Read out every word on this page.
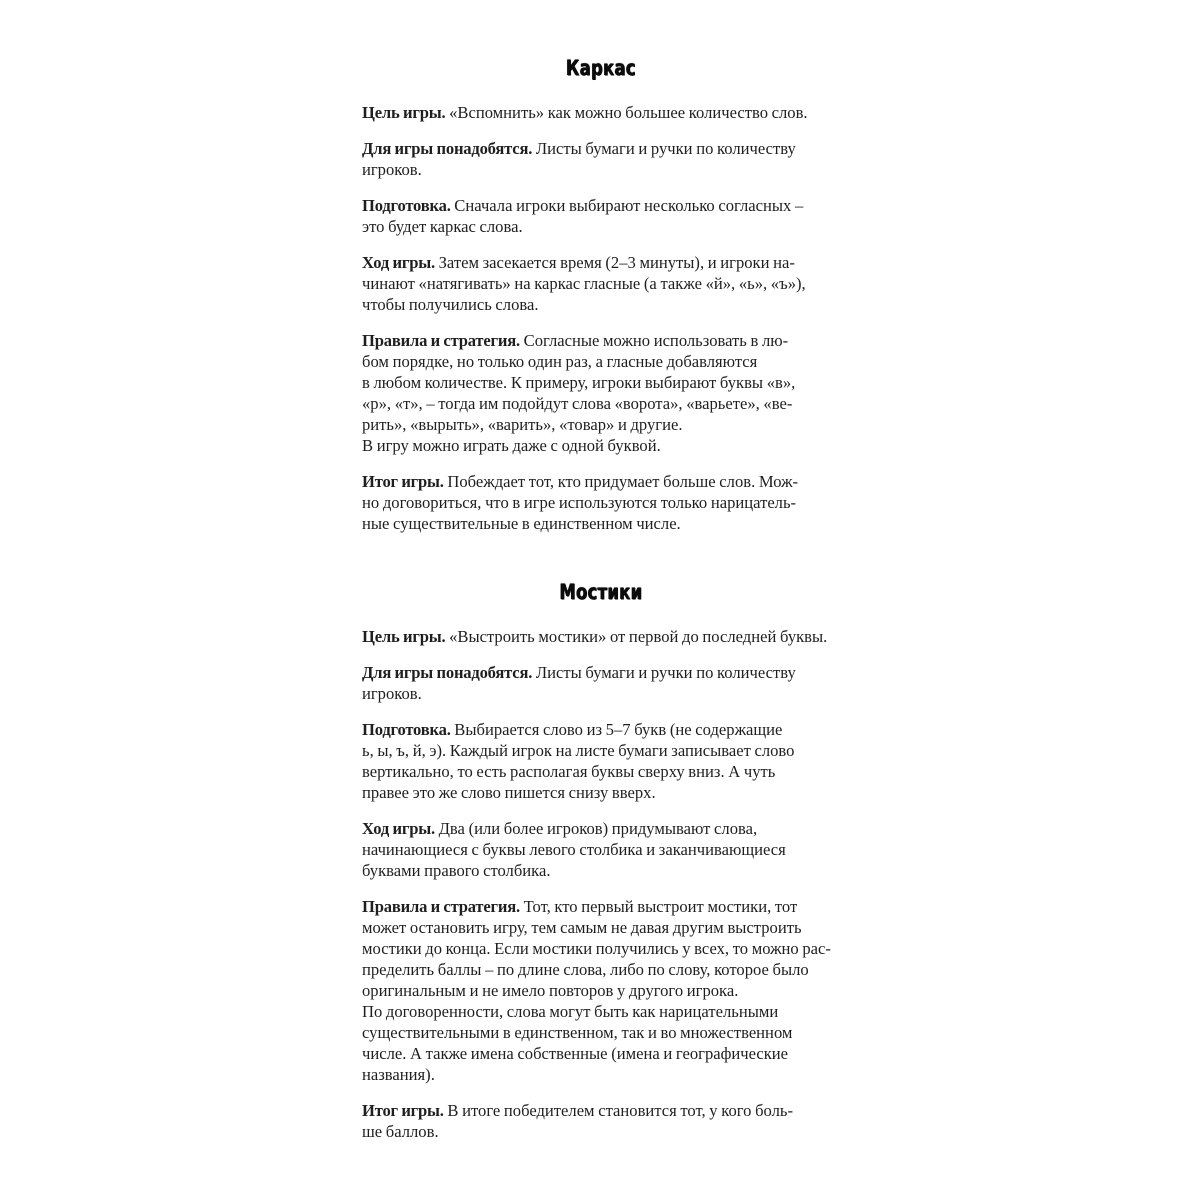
Каркас

Цель игры. «Вспомнить» как можно большее количество слов.

Для игры понадобятся. Листы бумаги и ручки по количеству
игроков.

Подготовка. Сначала игроки выбирают несколько согласных –
это будет каркас слова.

Ход игры. Затем засекается время (2–3 минуты), и игроки на-
чинают «натягивать» на каркас гласные (а также «й», «ь», «ъ»),
чтобы получились слова.

Правила и стратегия. Согласные можно использовать в лю-
бом порядке, но только один раз, а гласные добавляются
в любом количестве. К примеру, игроки выбирают буквы «в»,
«р», «т», – тогда им подойдут слова «ворота», «варьете», «ве-
рить», «вырыть», «варить», «товар» и другие.
В игру можно играть даже с одной буквой.

Итог игры. Побеждает тот, кто придумает больше слов. Мож-
но договориться, что в игре используются только нарицатель-
ные существительные в единственном числе.

Мостики

Цель игры. «Выстроить мостики» от первой до последней буквы.

Для игры понадобятся. Листы бумаги и ручки по количеству
игроков.

Подготовка. Выбирается слово из 5–7 букв (не содержащие
ь, ы, ъ, й, э). Каждый игрок на листе бумаги записывает слово
вертикально, то есть располагая буквы сверху вниз. А чуть
правее это же слово пишется снизу вверх.

Ход игры. Два (или более игроков) придумывают слова,
начинающиеся с буквы левого столбика и заканчивающиеся
буквами правого столбика.

Правила и стратегия. Тот, кто первый выстроит мостики, тот
может остановить игру, тем самым не давая другим выстроить
мостики до конца. Если мостики получились у всех, то можно рас-
пределить баллы – по длине слова, либо по слову, которое было
оригинальным и не имело повторов у другого игрока.
По договоренности, слова могут быть как нарицательными
существительными в единственном, так и во множественном
числе. А также имена собственные (имена и географические
названия).

Итог игры. В итоге победителем становится тот, у кого боль-
ше баллов.
